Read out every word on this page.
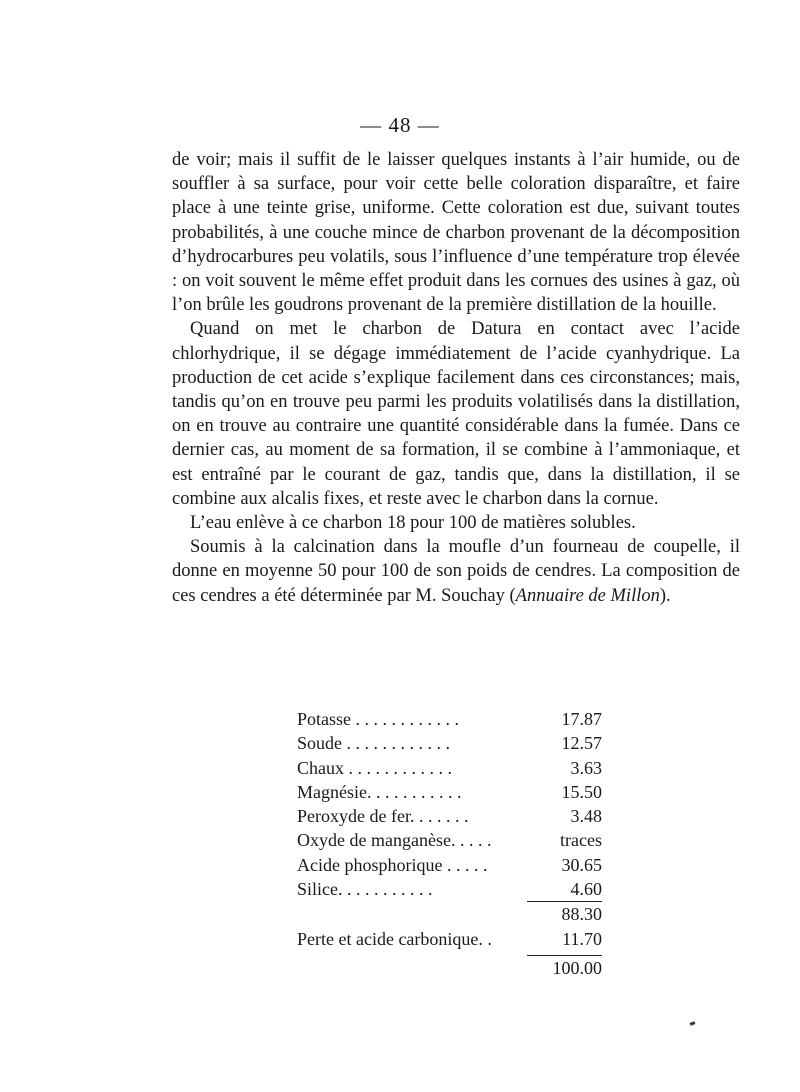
— 48 —

de voir; mais il suffit de le laisser quelques instants à l’air humide, ou de souffler à sa surface, pour voir cette belle coloration disparaître, et faire place à une teinte grise, uniforme. Cette coloration est due, suivant toutes probabilités, à une couche mince de charbon provenant de la décomposition d’hydrocarbures peu volatils, sous l’influence d’une température trop élevée : on voit souvent le même effet produit dans les cornues des usines à gaz, où l’on brûle les goudrons provenant de la première distillation de la houille.

Quand on met le charbon de Datura en contact avec l’acide chlorhydrique, il se dégage immédiatement de l’acide cyanhydrique. La production de cet acide s’explique facilement dans ces circonstances; mais, tandis qu’on en trouve peu parmi les produits volatilisés dans la distillation, on en trouve au contraire une quantité considérable dans la fumée. Dans ce dernier cas, au moment de sa formation, il se combine à l’ammoniaque, et est entraîné par le courant de gaz, tandis que, dans la distillation, il se combine aux alcalis fixes, et reste avec le charbon dans la cornue.

L’eau enlève à ce charbon 18 pour 100 de matières solubles.

Soumis à la calcination dans la moufle d’un fourneau de coupelle, il donne en moyenne 50 pour 100 de son poids de cendres. La composition de ces cendres a été déterminée par M. Souchay (Annuaire de Millon).

Potasse . . . . . . . . . . . .	17.87
Soude . . . . . . . . . . . .	12.57
Chaux . . . . . . . . . . . .	3.63
Magnésie. . . . . . . . . . .	15.50
Peroxyde de fer. . . . . . .	3.48
Oxyde de manganèse. . . . .	traces
Acide phosphorique . . . . .	30.65
Silice. . . . . . . . . . .	4.60
88.30
Perte et acide carbonique. .	11.70
100.00
